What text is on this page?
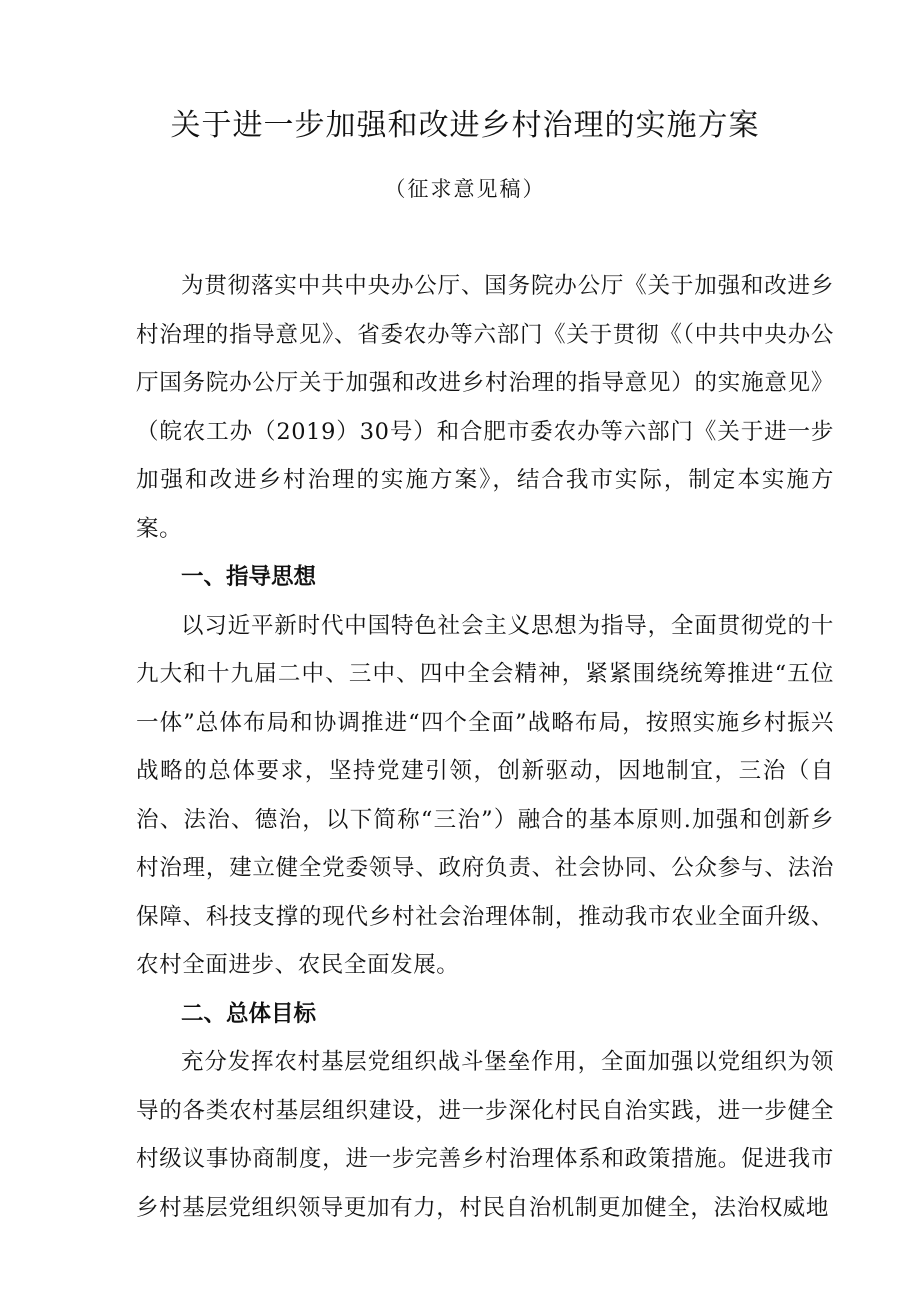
关于进一步加强和改进乡村治理的实施方案
（征求意见稿）

为贯彻落实中共中央办公厅、国务院办公厅《关于加强和改进乡村治理的指导意见》、省委农办等六部门《关于贯彻《（中共中央办公厅国务院办公厅关于加强和改进乡村治理的指导意见）的实施意见》（皖农工办（2019）30号）和合肥市委农办等六部门《关于进一步加强和改进乡村治理的实施方案》，结合我市实际，制定本实施方案。

一、指导思想

以习近平新时代中国特色社会主义思想为指导，全面贯彻党的十九大和十九届二中、三中、四中全会精神，紧紧围绕统筹推进“五位一体”总体布局和协调推进“四个全面”战略布局，按照实施乡村振兴战略的总体要求，坚持党建引领，创新驱动，因地制宜，三治（自治、法治、德治，以下简称“三治”）融合的基本原则.加强和创新乡村治理，建立健全党委领导、政府负责、社会协同、公众参与、法治保障、科技支撑的现代乡村社会治理体制，推动我市农业全面升级、农村全面进步、农民全面发展。

二、总体目标

充分发挥农村基层党组织战斗堡垒作用，全面加强以党组织为领导的各类农村基层组织建设，进一步深化村民自治实践，进一步健全村级议事协商制度，进一步完善乡村治理体系和政策措施。促进我市乡村基层党组织领导更加有力，村民自治机制更加健全，法治权威地
